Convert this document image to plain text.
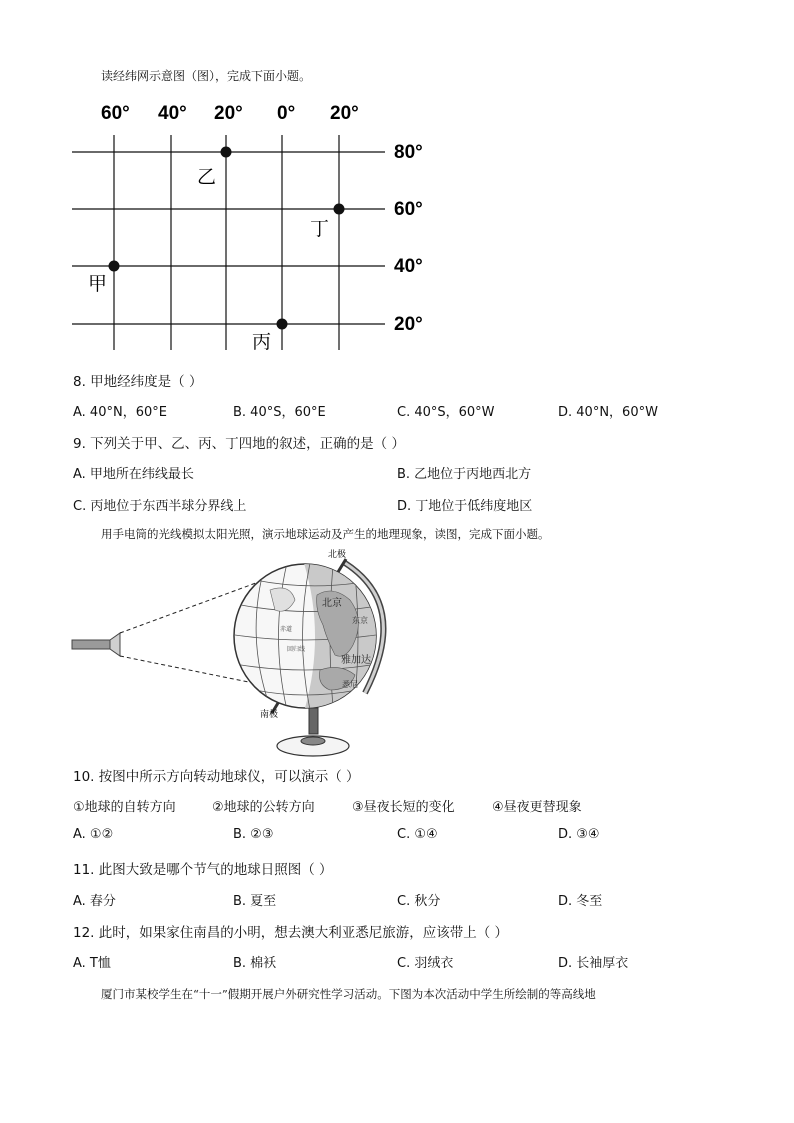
读经纬网示意图（图），完成下面小题。
60° 40° 20° 0° 20°
80°
60°
40°
20°
乙
丁
甲
丙
8. 甲地经纬度是（ ）
A. 40°N，60°E	B. 40°S，60°E	C. 40°S，60°W	D. 40°N，60°W
9. 下列关于甲、乙、丙、丁四地的叙述，正确的是（ ）
A. 甲地所在纬线最长	B. 乙地位于丙地西北方
C. 丙地位于东西半球分界线上	D. 丁地位于低纬度地区
用手电筒的光线模拟太阳光照，演示地球运动及产生的地理现象，读图，完成下面小题。
北极
南极
北京
雅加达
东京
悉尼
赤道
回归线
10. 按图中所示方向转动地球仪，可以演示（ ）
①地球的自转方向	②地球的公转方向	③昼夜长短的变化	④昼夜更替现象
A. ①②	B. ②③	C. ①④	D. ③④
11. 此图大致是哪个节气的地球日照图（ ）
A. 春分	B. 夏至	C. 秋分	D. 冬至
12. 此时，如果家住南昌的小明，想去澳大利亚悉尼旅游，应该带上（ ）
A. T恤	B. 棉袄	C. 羽绒衣	D. 长袖厚衣
厦门市某校学生在“十一”假期开展户外研究性学习活动。下图为本次活动中学生所绘制的等高线地
